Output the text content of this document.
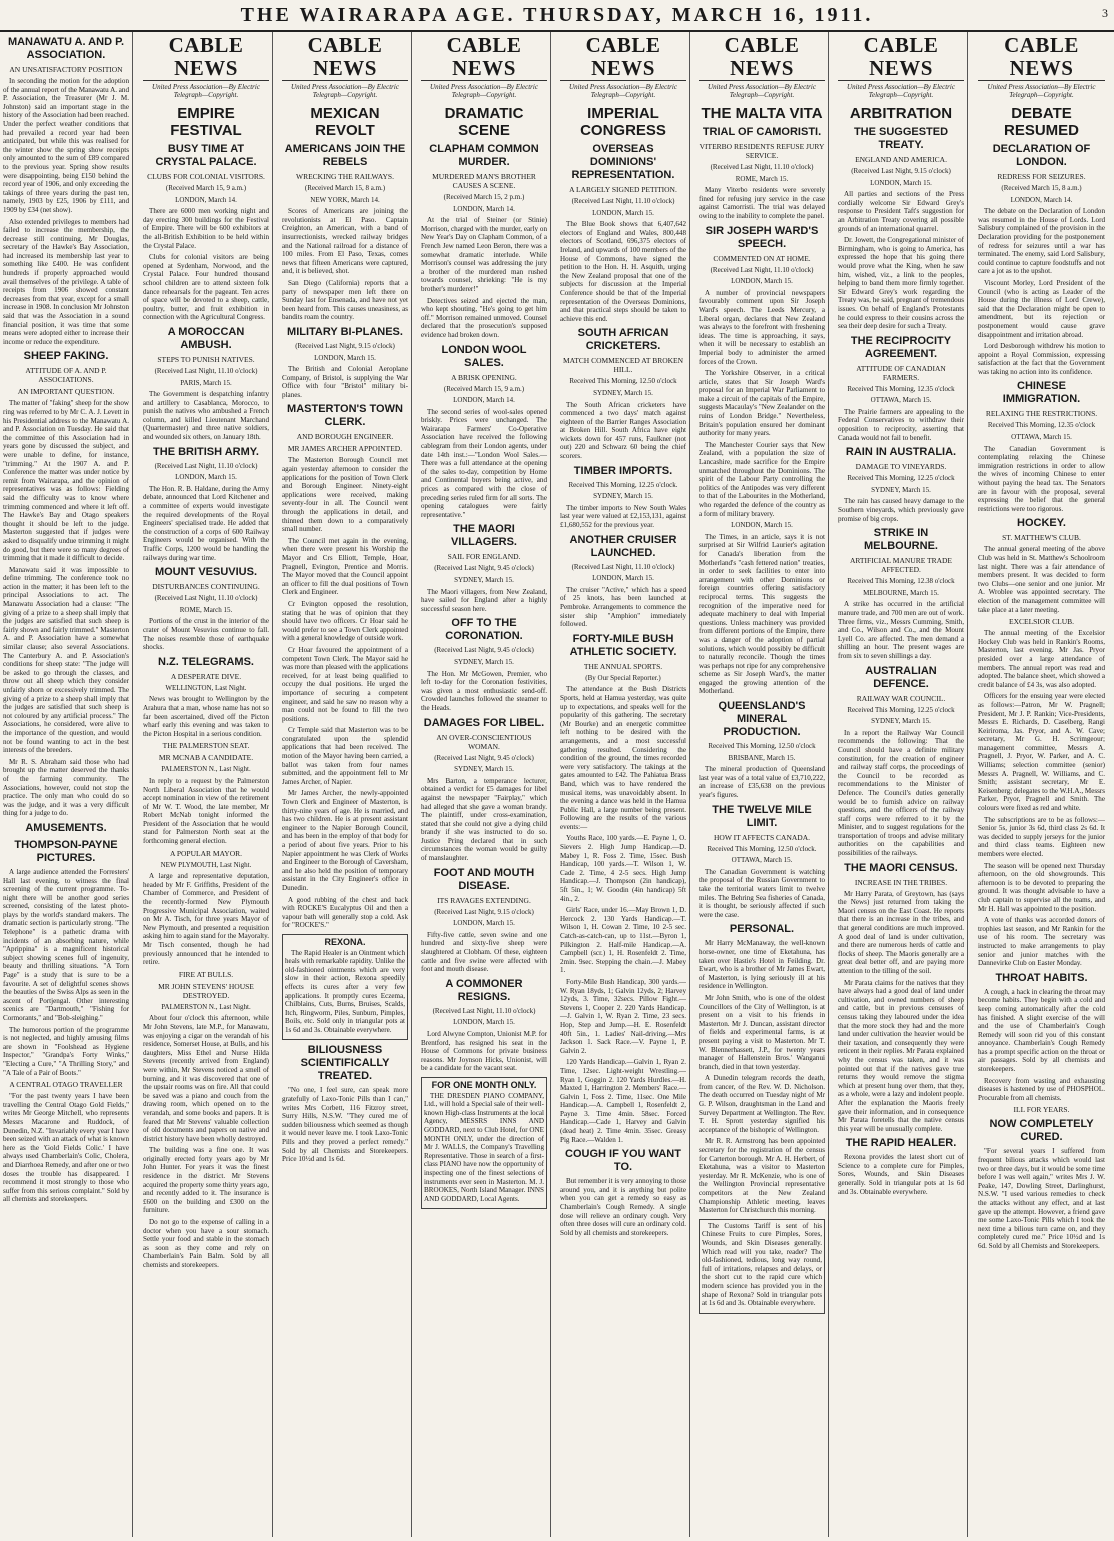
THE WAIRARAPA AGE. THURSDAY, MARCH 16, 1911.	3
MANAWATU A. AND P. ASSOCIATION.
AN UNSATISFACTORY POSITION

In seconding the motion for the adoption of the annual report of the Manawatu A. and P. Association, the Treasurer (Mr J. M. Johnston) said an important stage in the history of the Association had been reached. Under the perfect weather conditions that had prevailed a record year had been anticipated, but while this was realised for the winter show the spring show receipts only amounted to the sum of £89 compared to the previous year. Spring show results were disappointing, being £150 behind the record year of 1906, and only exceeding the takings of three years during the past ten, namely, 1903 by £25, 1906 by £111, and 1909 by £34 (net show).

Also extended privileges to members had failed to increase the membership, the decrease still continuing. Mr Douglas, secretary of the Hawke's Bay Association, had increased its membership last year to something like £400. He was confident hundreds if properly approached would avail themselves of the privilege. A table of receipts from 1906 showed constant decreases from that year, except for a small increase in 1908. In conclusion Mr Johnston said that was the Association in a sound financial position, it was time that some means were adopted either to increase their income or reduce the expenditure.

SHEEP FAKING.
ATTITUDE OF A. AND P. ASSOCIATIONS.
AN IMPORTANT QUESTION.

The matter of "faking" sheep for the show ring was referred to by Mr C. A. J. Levett in his Presidential address to the Manawatu A. and P. Association on Tuesday. He said that the committee of this Association had in years gone by discussed the subject, and were unable to define, for instance, "trimming." At the 1907 A. and P. Conference the matter was under notice by remit from Wairarapa, and the opinion of representatives was as follows: Fielding said the difficulty was to know where trimming commenced and where it left off. The Hawke's Bay and Otago speakers thought it should be left to the judge. Masterton suggested that if judges were asked to disqualify undue trimming it might do good, but there were so many degrees of trimming that it made it difficult to decide.

Manawatu said it was impossible to define trimming. The conference took no action in the matter; it has been left to the principal Associations to act. The Manawatu Association had a clause: "The giving of a prize to a sheep shall imply that the judges are satisfied that such sheep is fairly shown and fairly trimmed." Masterton A. and P. Association have a somewhat similar clause; also several Associations. The Canterbury A. and P. Association's conditions for sheep state: "The judge will be asked to go through the classes, and throw out all sheep which they consider unfairly shorn or excessively trimmed. The giving of a prize to a sheep shall imply that the judges are satisfied that such sheep is not coloured by any artificial process." The Associations, he considered, were alive to the importance of the question, and would not be found wanting to act in the best interests of the breeders.

Mr R. S. Abraham said those who had brought up the matter deserved the thanks of the farming community. The Associations, however, could not stop the practice. The only man who could do so was the judge, and it was a very difficult thing for a judge to do.

AMUSEMENTS.
THOMPSON-PAYNE PICTURES.

A large audience attended the Forresters' Hall last evening, to witness the final screening of the current programme. To-night there will be another good series screened, consisting of the latest photo-plays by the world's standard makers. The dramatic section is particularly strong. "The Telephone" is a pathetic drama with incidents of an absorbing nature, while "Aprippina" is a magnificent historical subject showing scenes full of ingenuity, beauty and thrilling situations. "A Torn Page" is a study that is sure to be a favourite. A set of delightful scenes shows the beauties of the Swiss Alps as seen in the ascent of Portjengal. Other interesting scenics are "Dartmouth," "Fishing for Cormorants," and "Bob-sleighing."

The humorous portion of the programme is not neglected, and highly amusing films are shown in "Foolshead as Hygiene Inspector," "Grandpa's Forty Winks," "Electing a Cure," "A Thrilling Story," and "A Tale of a Pair of Boots."

A CENTRAL OTAGO TRAVELLER

"For the past twenty years I have been travelling the Central Otago Gold Fields," writes Mr George Mitchell, who represents Messrs Macarone and Ruddock, of Dunedin, N.Z. "Invariably every year I have been seized with an attack of what is known here as the 'Gold Fields Colic.' I have always used Chamberlain's Colic, Cholera, and Diarrhoea Remedy, and after one or two doses the trouble has disappeared. I recommend it most strongly to those who suffer from this serious complaint." Sold by all chemists and storekeepers.

CABLE NEWS
United Press Association—By Electric Telegraph—Copyright.
EMPIRE FESTIVAL
BUSY TIME AT CRYSTAL PALACE.
CLUBS FOR COLONIAL VISITORS.
(Received March 15, 9 a.m.)
LONDON, March 14.

There are 6000 men working night and day erecting 300 buildings for the Festival of Empire. There will be 600 exhibitors at the all-British Exhibition to be held within the Crystal Palace.

Clubs for colonial visitors are being opened at Sydenham, Norwood, and the Crystal Palace. Four hundred thousand school children are to attend sixteen folk dance rehearsals for the pageant. Ten acres of space will be devoted to a sheep, cattle, poultry, butter, and fruit exhibition in connection with the Agricultural Congress.

A MOROCCAN AMBUSH.
STEPS TO PUNISH NATIVES.
(Received Last Night, 11.10 o'clock)
PARIS, March 15.

The Government is despatching infantry and artillery to Casablanca, Morocco, to punish the natives who ambushed a French column, and killed Lieutenant Marchand (Quartermaster) and three native soldiers, and wounded six others, on January 18th.

THE BRITISH ARMY.
(Received Last Night, 11.10 o'clock)
LONDON, March 15.

The Hon. R. B. Haldane, during the Army debate, announced that Lord Kitchener and a committee of experts would investigate the required developments of the Royal Engineers' specialised trade. He added that the construction of a corps of 600 Railway Engineers would be organised. With the Traffic Corps, 1200 would be handling the railways during war time.

MOUNT VESUVIUS.
DISTURBANCES CONTINUING.
(Received Last Night, 11.10 o'clock)
ROME, March 15.

Portions of the crust in the interior of the crater of Mount Vesuvius continue to fall. The noises resemble those of earthquake shocks.

N.Z. TELEGRAMS.
A DESPERATE DIVE.
WELLINGTON, Last Night.

News was brought to Wellington by the Arahura that a man, whose name has not so far been ascertained, dived off the Picton wharf early this evening and was taken to the Picton Hospital in a serious condition.

THE PALMERSTON SEAT.
MR MCNAB A CANDIDATE.
PALMERSTON N., Last Night.

In reply to a request by the Palmerston North Liberal Association that he would accept nomination in view of the retirement of Mr W. T. Wood, the late member, Mr Robert McNab tonight informed the President of the Association that he would stand for Palmerston North seat at the forthcoming general election.

A POPULAR MAYOR.
NEW PLYMOUTH, Last Night.

A large and representative deputation, headed by Mr F. Griffiths, President of the Chamber of Commerce, and President of the recently-formed New Plymouth Progressive Municipal Association, waited on Mr A. Tisch, for three years Mayor of New Plymouth, and presented a requisition asking him to again stand for the Mayoralty. Mr Tisch consented, though he had previously announced that he intended to retire.

FIRE AT BULLS.
MR JOHN STEVENS' HOUSE DESTROYED.
PALMERSTON N., Last Night.

About four o'clock this afternoon, while Mr John Stevens, late M.P., for Manawatu, was enjoying a cigar on the verandah of his residence, Somerset House, at Bulls, and his daughters, Miss Ethel and Nurse Hilda Stevens (recently arrived from England) were within, Mr Stevens noticed a smell of burning, and it was discovered that one of the upstair rooms was on fire. All that could be saved was a piano and couch from the drawing room, which opened on to the verandah, and some books and papers. It is feared that Mr Stevens' valuable collection of old documents and papers on native and district history have been wholly destroyed.

The building was a fine one. It was originally erected forty years ago by Mr John Hunter. For years it was the finest residence in the district. Mr Stevens acquired the property some thirty years ago, and recently added to it. The insurance is £600 on the building and £300 on the furniture.

Do not go to the expense of calling in a doctor when you have a sour stomach. Settle your food and stable in the stomach as soon as they come and rely on Chamberlain's Pain Balm. Sold by all chemists and storekeepers.

CABLE NEWS
United Press Association—By Electric Telegraph—Copyright.
MEXICAN REVOLT
AMERICANS JOIN THE REBELS
WRECKING THE RAILWAYS.
(Received March 15, 8 a.m.)
NEW YORK, March 14.

Scores of Americans are joining the revolutionists at El Paso. Captain Creighton, an American, with a band of insurrectionists, wrecked railway bridges and the National railroad for a distance of 100 miles. From El Paso, Texas, comes news that fifteen Americans were captured, and, it is believed, shot.

San Diego (California) reports that a party of newspaper men left there on Sunday last for Ensenada, and have not yet been heard from. This causes uneasiness, as bandits roam the country.

MILITARY BI-PLANES.
(Received Last Night, 9.15 o'clock)
LONDON, March 15.

The British and Colonial Aeroplane Company, of Bristol, is supplying the War Office with four "Bristol" military bi-planes.

MASTERTON'S TOWN CLERK.
AND BOROUGH ENGINEER.
MR JAMES ARCHER APPOINTED.

The Masterton Borough Council met again yesterday afternoon to consider the applications for the position of Town Clerk and Borough Engineer. Ninety-eight applications were received, making seventy-four in all. The Council went through the applications in detail, and thinned them down to a comparatively small number.

The Council met again in the evening, when there were present his Worship the Mayor and Crs Elliott, Temple, Hoar, Pragnell, Evington, Prentice and Morris. The Mayor moved that the Council appoint an officer to fill the dual positions of Town Clerk and Engineer.

Cr Evington opposed the resolution, stating that he was of opinion that they should have two officers. Cr Hoar said he would prefer to see a Town Clerk appointed with a general knowledge of outside work.

Cr Hoar favoured the appointment of a competent Town Clerk. The Mayor said he was more than pleased with the applications received, for at least being qualified to occupy the dual positions. He urged the importance of securing a competent engineer, and said he saw no reason why a man could not be found to fill the two positions.

Cr Temple said that Masterton was to be congratulated upon the splendid applications that had been received. The motion of the Mayor having been carried, a ballot was taken from four names submitted, and the appointment fell to Mr James Archer, of Napier.

Mr James Archer, the newly-appointed Town Clerk and Engineer of Masterton, is thirty-nine years of age. He is married, and has two children. He is at present assistant engineer to the Napier Borough Council, and has been in the employ of that body for a period of about five years. Prior to his Napier appointment he was Clerk of Works and Engineer to the Borough of Caversham, and he also held the position of temporary assistant in the City Engineer's office in Dunedin.

A good rubbing of the chest and back with ROCKE'S Eucalyptus Oil and then a vapour bath will generally stop a cold. Ask for "ROCKE'S."

REXONA.

The Rapid Healer is an Ointment which heals with remarkable rapidity. Unlike the old-fashioned ointments which are very slow in their action, Rexona speedily effects its cures after a very few applications. It promptly cures Eczema, Chilblains, Cuts, Burns, Bruises, Scalds, Itch, Ringworm, Piles, Sunburn, Pimples, Boils, etc. Sold only in triangular pots at 1s 6d and 3s. Obtainable everywhere.

BILIOUSNESS SCIENTIFICALLY TREATED.

"No one, I feel sure, can speak more gratefully of Laxo-Tonic Pills than I can," writes Mrs Corbett, 116 Fitzroy street, Surry Hills, N.S.W. "They cured me of sudden biliousness which seemed as though it would never leave me. I took Laxo-Tonic Pills and they proved a perfect remedy." Sold by all Chemists and Storekeepers. Price 10½d and 1s 6d.

CABLE NEWS
United Press Association—By Electric Telegraph—Copyright.
DRAMATIC SCENE
CLAPHAM COMMON MURDER.
MURDERED MAN'S BROTHER CAUSES A SCENE.
(Received March 15, 2 p.m.)
LONDON, March 14.

At the trial of Steiner (or Stinie) Morrison, charged with the murder, early on New Year's Day on Clapham Common, of a French Jew named Leon Beron, there was a somewhat dramatic interlude. While Morrison's counsel was addressing the jury a brother of the murdered man rushed towards counsel, shrieking: "He is my brother's murderer!"

Detectives seized and ejected the man, who kept shouting, "He's going to get him off." Morrison remained unmoved. Counsel declared that the prosecution's supposed evidence had broken down.

LONDON WOOL SALES.
A BRISK OPENING.
(Received March 15, 9 a.m.)
LONDON, March 14.

The second series of wool-sales opened briskly. Prices were unchanged. The Wairarapa Farmers' Co-Operative Association have received the following cablegram from their London agents, under date 14th inst.:—"London Wool Sales.—There was a full attendance at the opening of the sales to-day, competition by Home and Continental buyers being active, and prices as compared with the close of preceding series ruled firm for all sorts. The opening catalogues were fairly representative."

THE MAORI VILLAGERS.
SAIL FOR ENGLAND.
(Received Last Night, 9.45 o'clock)
SYDNEY, March 15.

The Maori villagers, from New Zealand, have sailed for England after a highly successful season here.

OFF TO THE CORONATION.
(Received Last Night, 9.45 o'clock)
SYDNEY, March 15.

The Hon. Mr McGowen, Premier, who left to-day for the Coronation festivities, was given a most enthusiastic send-off. Crowded launches followed the steamer to the Heads.

DAMAGES FOR LIBEL.
AN OVER-CONSCIENTIOUS WOMAN.
(Received Last Night, 9.45 o'clock)
SYDNEY, March 15.

Mrs Barton, a temperance lecturer, obtained a verdict for £5 damages for libel against the newspaper "Fairplay," which had alleged that she gave a woman brandy. The plaintiff, under cross-examination, stated that she could not give a dying child brandy if she was instructed to do so. Justice Pring declared that in such circumstances the woman would be guilty of manslaughter.

FOOT AND MOUTH DISEASE.
ITS RAVAGES EXTENDING.
(Received Last Night, 9.15 o'clock)
LONDON, March 15.

Fifty-five cattle, seven swine and one hundred and sixty-five sheep were slaughtered at Clobham. Of these, eighteen cattle and five swine were affected with foot and mouth disease.

A COMMONER RESIGNS.
(Received Last Night, 11.10 o'clock)
LONDON, March 15.

Lord Alwyne Compton, Unionist M.P. for Brentford, has resigned his seat in the House of Commons for private business reasons. Mr Joynson Hicks, Unionist, will be a candidate for the vacant seat.

FOR ONE MONTH ONLY.

THE DRESDEN PIANO COMPANY, Ltd., will hold a Special sale of their well-known High-class Instruments at the local Agency, MESSRS INNS AND GODDARD, next to Club Hotel, for ONE MONTH ONLY, under the direction of Mr J. WALLS, the Company's Travelling Representative. Those in search of a first-class PIANO have now the opportunity of inspecting one of the finest selections of instruments ever seen in Masterton. M. J. BROOKES, North Island Manager. INNS AND GODDARD, Local Agents.

CABLE NEWS
United Press Association—By Electric Telegraph—Copyright.
IMPERIAL CONGRESS
OVERSEAS DOMINIONS' REPRESENTATION.
A LARGELY SIGNED PETITION.
(Received Last Night, 11.10 o'clock)
LONDON, March 15.

The Blue Book shows that 6,407,642 electors of England and Wales, 800,448 electors of Scotland, 696,375 electors of Ireland, and upwards of 100 members of the House of Commons, have signed the petition to the Hon. H. H. Asquith, urging the New Zealand proposal that one of the subjects for discussion at the Imperial Conference should be that of the Imperial representation of the Overseas Dominions, and that practical steps should be taken to achieve this end.

SOUTH AFRICAN CRICKETERS.
MATCH COMMENCED AT BROKEN HILL.
Received This Morning, 12.50 o'clock
SYDNEY, March 15.

The South African cricketers have commenced a two days' match against eighteen of the Barrier Ranges Association at Broken Hill. South Africa have eight wickets down for 457 runs, Faulkner (not out) 220 and Schwarz 60 being the chief scorers.

TIMBER IMPORTS.
Received This Morning, 12.25 o'clock.
SYDNEY, March 15.

The timber imports to New South Wales last year were valued at £2,153,131, against £1,680,552 for the previous year.

ANOTHER CRUISER LAUNCHED.
(Received Last Night, 11.10 o'clock)
LONDON, March 15.

The cruiser "Active," which has a speed of 25 knots, has been launched at Pembroke. Arrangements to commence the sister ship "Amphion" immediately followed.

FORTY-MILE BUSH ATHLETIC SOCIETY.
THE ANNUAL SPORTS.
(By Our Special Reporter.)

The attendance at the Bush Districts Sports, held at Hamua yesterday, was quite up to expectations, and speaks well for the popularity of this gathering. The secretary (Mr Bourke) and an energetic committee left nothing to be desired with the arrangements, and a most successful gathering resulted. Considering the condition of the ground, the times recorded were very satisfactory. The takings at the gates amounted to £42. The Pahiatua Brass Band, which was to have rendered the musical items, was unavoidably absent. In the evening a dance was held in the Hamua Public Hall, a large number being present. Following are the results of the various events:—

Youths Race, 100 yards.—E. Payne 1, O. Sievers 2. High Jump Handicap.—D. Mabey 1, R. Foss 2. Time, 15sec. Bush Handicap, 100 yards.—T. Wilson 1, W. Cade 2. Time, 4 2-5 secs. High Jump Handicap.—J. Thompson (2in handicap), 5ft 5in., 1; W. Goodin (4in handicap) 5ft 4in., 2.

Girls' Race, under 16.—May Brown 1, D. Hercock 2. 130 Yards Handicap.—T. Wilson 1, H. Cowan 2. Time, 10 2-5 sec. Catch-as-catch-can, up to 11st.—Byron 1, Pilkington 2. Half-mile Handicap.—A. Campbell (scr.) 1, H. Rosenfeldt 2. Time, 2min. 9sec. Stepping the chain.—J. Mabey 1.

Forty-Mile Bush Handicap, 300 yards.—W. Ryan 18yds, 1; Galvin 12yds, 2; Harvey 12yds, 3. Time, 32secs. Pillow Fight.—Stevens 1, Cooper 2. 220 Yards Handicap.—J. Galvin 1, W. Ryan 2. Time, 23 secs. Hop, Step and Jump.—H. E. Rosenfeldt 40ft 5in., 1. Ladies' Nail-driving.—Mrs Jackson 1. Sack Race.—V. Payne 1, P. Galvin 2.

120 Yards Handicap.—Galvin 1, Ryan 2. Time, 12sec. Light-weight Wrestling.—Ryan 1, Goggin 2. 120 Yards Hurdles.—H. Maxted 1, Harrington 2. Members' Race.—Galvin 1, Foss 2. Time, 11sec. One Mile Handicap.—A. Campbell 1, Rosenfeldt 2, Payne 3. Time 4min. 58sec. Forced Handicap.—Cade 1, Harvey and Galvin (dead heat) 2. Time 4min. 35sec. Greasy Pig Race.—Walden 1.

COUGH IF YOU WANT TO.

But remember it is very annoying to those around you, and it is anything but polite when you can get a remedy so easy as Chamberlain's Cough Remedy. A single dose will relieve an ordinary cough. Very often three doses will cure an ordinary cold. Sold by all chemists and storekeepers.

CABLE NEWS
United Press Association—By Electric Telegraph—Copyright.
THE MALTA VITA
TRIAL OF CAMORISTI.
VITERBO RESIDENTS REFUSE JURY SERVICE.
(Received Last Night, 11.10 o'clock)
ROME, March 15.

Many Viterbo residents were severely fined for refusing jury service in the case against Camorristi. The trial was delayed owing to the inability to complete the panel.

SIR JOSEPH WARD'S SPEECH.
COMMENTED ON AT HOME.
(Received Last Night, 11.10 o'clock)
LONDON, March 15.

A number of provincial newspapers favourably comment upon Sir Joseph Ward's speech. The Leeds Mercury, a Liberal organ, declares that New Zealand was always to the forefront with freshening ideas. The time is approaching, it says, when it will be necessary to establish an Imperial body to administer the armed forces of the Crown.

The Yorkshire Observer, in a critical article, states that Sir Joseph Ward's proposal for an Imperial War Parliament to make a circuit of the capitals of the Empire, suggests Macaulay's "New Zealander on the ruins of London Bridge." Nevertheless, Britain's population ensured her dominant authority for many years.

The Manchester Courier says that New Zealand, with a population the size of Lancashire, made sacrifice for the Empire unmatched throughout the Dominions. The spirit of the Labour Party controlling the politics of the Antipodes was very different to that of the Labourites in the Motherland, who regarded the defence of the country as a form of military bravery.

LONDON, March 15.

The Times, in an article, says it is not surprised at Sir Wilfrid Laurier's agitation for Canada's liberation from the Motherland's "cash fettered nation" treaties, in order to seek facilities to enter into arrangement with other Dominions or foreign countries offering satisfactory reciprocal terms. This suggests the recognition of the imperative need for adequate machinery to deal with Imperial questions. Unless machinery was provided from different portions of the Empire, there was a danger of the adoption of partial solutions, which would possibly be difficult to naturally reconcile. Though the times was perhaps not ripe for any comprehensive scheme as Sir Joseph Ward's, the matter engaged the growing attention of the Motherland.

QUEENSLAND'S MINERAL PRODUCTION.
Received This Morning, 12.50 o'clock
BRISBANE, March 15.

The mineral production of Queensland last year was of a total value of £3,710,222, an increase of £35,638 on the previous year's figures.

THE TWELVE MILE LIMIT.
HOW IT AFFECTS CANADA.
Received This Morning, 12.50 o'clock.
OTTAWA, March 15.

The Canadian Government is watching the proposal of the Russian Government to take the territorial waters limit to twelve miles. The Behring Sea fisheries of Canada, it is thought, be seriously affected if such were the case.

PERSONAL.

Mr Harry McManaway, the well-known horse-owner, one time of Eketahuna, has taken over Hastie's Hotel in Feilding. Dr. Ewart, who is a brother of Mr James Ewart, of Masterton, is lying seriously ill at his residence in Wellington.

Mr John Smith, who is one of the oldest Councillors of the City of Wellington, is at present on a visit to his friends in Masterton. Mr J. Duncan, assistant director of fields and experimental farms, is at present paying a visit to Masterton. Mr T. W. Blennerhassett, J.P., for twenty years manager of Hallenstein Bros.' Wanganui branch, died in that town yesterday.

A Dunedin telegram records the death, from cancer, of the Rev. W. D. Nicholson. The death occurred on Tuesday night of Mr G. P. Wilson, draughtsman in the Land and Survey Department at Wellington. The Rev. T. H. Sprott yesterday signified his acceptance of the bishopric of Wellington.

Mr R. R. Armstrong has been appointed secretary for the registration of the census for Carterton borough. Mr A. H. Herbert, of Eketahuna, was a visitor to Masterton yesterday. Mr R. McKenzie, who is one of the Wellington Provincial representative competitors at the New Zealand Championship Athletic meeting, leaves Masterton for Christchurch this morning.

The Customs Tariff is sent of his Chinese Fruits to cure Pimples, Sores, Wounds, and Skin Diseases generally. Which read will you take, reader? The old-fashioned, tedious, long way round, full of irritations, relapses and delays, or the short cut to the rapid cure which modern science has provided you in the shape of Rexona? Sold in triangular pots at 1s 6d and 3s. Obtainable everywhere.

CABLE NEWS
United Press Association—By Electric Telegraph—Copyright.
ARBITRATION
THE SUGGESTED TREATY.
ENGLAND AND AMERICA.
(Received Last Night, 9.15 o'clock)
LONDON, March 15.

All parties and sections of the Press cordially welcome Sir Edward Grey's response to President Taft's suggestion for an Arbitration Treaty covering all possible grounds of an international quarrel.

Dr. Jowett, the Congregational minister of Birmingham, who is going to America, has expressed the hope that his going there would prove what the King, when he saw him, wished, viz., a link to the peoples, helping to band them more firmly together. Sir Edward Grey's work regarding the Treaty was, he said, pregnant of tremendous issues. On behalf of England's Protestants he could express to their cousins across the sea their deep desire for such a Treaty.

THE RECIPROCITY AGREEMENT.
ATTITUDE OF CANADIAN FARMERS.
Received This Morning, 12.35 o'clock
OTTAWA, March 15.

The Prairie farmers are appealing to the Federal Conservatives to withdraw their opposition to reciprocity, asserting that Canada would not fail to benefit.

RAIN IN AUSTRALIA.
DAMAGE TO VINEYARDS.
Received This Morning, 12.25 o'clock
SYDNEY, March 15.

The rain has caused heavy damage to the Southern vineyards, which previously gave promise of big crops.

STRIKE IN MELBOURNE.
ARTIFICIAL MANURE TRADE AFFECTED.
Received This Morning, 12.38 o'clock
MELBOURNE, March 15.

A strike has occurred in the artificial manure trade, and 700 men are out of work. Three firms, viz., Messrs Cumming, Smith, and Co., Wilson and Co., and the Mount Lyell Co. are affected. The men demand a shilling an hour. The present wages are from six to seven shillings a day.

AUSTRALIAN DEFENCE.
RAILWAY WAR COUNCIL.
Received This Morning, 12.25 o'clock
SYDNEY, March 15.

In a report the Railway War Council recommends the following: That the Council should have a definite military constitution, for the creation of engineer and railway staff corps, the proceedings of the Council to be recorded as recommendations to the Minister of Defence. The Council's duties generally would be to furnish advice on railway questions, and the officers of the railway staff corps were referred to it by the Minister, and to suggest regulations for the transportation of troops and advise military authorities on the capabilities and possibilities of the railways.

THE MAORI CENSUS.
INCREASE IN THE TRIBES.

Mr Harry Parata, of Greytown, has (says the News) just returned from taking the Maori census on the East Coast. He reports that there is an increase in the tribes, and that general conditions are much improved. A good deal of land is under cultivation, and there are numerous herds of cattle and flocks of sheep. The Maoris generally are a great deal better off, and are paying more attention to the tilling of the soil.

Mr Parata claims for the natives that they have always had a good deal of land under cultivation, and owned numbers of sheep and cattle, but in previous censuses of census taking they laboured under the idea that the more stock they had and the more land under cultivation the heavier would be their taxation, and consequently they were reticent in their replies. Mr Parata explained why the census was taken, and it was pointed out that if the natives gave true returns they would remove the stigma which at present hung over them, that they, as a whole, were a lazy and indolent people. After the explanation the Maoris freely gave their information, and in consequence Mr Parata foretells that the native census this year will be unusually complete.

THE RAPID HEALER.

Rexona provides the latest short cut of Science to a complete cure for Pimples, Sores, Wounds, and Skin Diseases generally. Sold in triangular pots at 1s 6d and 3s. Obtainable everywhere.

CABLE NEWS
United Press Association—By Electric Telegraph—Copyright.
DEBATE RESUMED
DECLARATION OF LONDON.
REDRESS FOR SEIZURES.
(Received March 15, 8 a.m.)
LONDON, March 14.

The debate on the Declaration of London was resumed in the House of Lords. Lord Salisbury complained of the provision in the Declaration providing for the postponement of redress for seizures until a war has terminated. The enemy, said Lord Salisbury, could continue to capture foodstuffs and not care a jot as to the upshot.

Viscount Morley, Lord President of the Council (who is acting as Leader of the House during the illness of Lord Crewe), said that the Declaration might be open to amendment, but its rejection or postponement would cause grave disappointment and irritation abroad.

Lord Desborough withdrew his motion to appoint a Royal Commission, expressing satisfaction at the fact that the Government was taking no action into its confidence.

CHINESE IMMIGRATION.
RELAXING THE RESTRICTIONS.
Received This Morning, 12.35 o'clock
OTTAWA, March 15.

The Canadian Government is contemplating relaxing the Chinese immigration restrictions in order to allow the wives of incoming Chinese to enter without paying the head tax. The Senators are in favour with the proposal, several expressing the belief that the general restrictions were too rigorous.

HOCKEY.
ST. MATTHEW'S CLUB.

The annual general meeting of the above Club was held in St. Matthew's Schoolroom last night. There was a fair attendance of members present. It was decided to form two Clubs—one senior and one junior. Mr A. Wroblee was appointed secretary. The election of the management committee will take place at a later meeting.

EXCELSIOR CLUB.

The annual meeting of the Excelsior Hockey Club was held in Rankin's Rooms, Masterton, last evening. Mr Jas. Pryor presided over a large attendance of members. The annual report was read and adopted. The balance sheet, which showed a credit balance of £4 3s, was also adopted.

Officers for the ensuing year were elected as follows:—Patron, Mr W. Pragnell; President, Mr J. P. Rankin; Vice-Presidents, Messrs E. Richards, D. Caselberg, Rangi Keiriroma, Jas. Pryor, and A. W. Cave; secretary, Mr G. H. Scrimgeour; management committee, Messrs A. Pragnell, J. Pryor, W. Parker, and A. C. Williams; selection committee (senior) Messrs A. Pragnell, W. Williams, and C. Smith; assistant secretary, Mr E. Keisenberg; delegates to the W.H.A., Messrs Parker, Pryor, Pragnell and Smith. The colours were fixed as red and white.

The subscriptions are to be as follows:—Senior 5s, junior 3s 6d, third class 2s 6d. It was decided to supply jerseys for the junior and third class teams. Eighteen new members were elected.

The season will be opened next Thursday afternoon, on the old showgrounds. This afternoon is to be devoted to preparing the ground. It was thought advisable to have a club captain to supervise all the teams, and Mr H. Hall was appointed to the position.

A vote of thanks was accorded donors of trophies last season, and Mr Rankin for the use of his room. The secretary was instructed to make arrangements to play senior and junior matches with the Dannevirke Club on Easter Monday.

THROAT HABITS.

A cough, a hack in clearing the throat may become habits. They begin with a cold and keep coming automatically after the cold has finished. A slight exercise of the will and the use of Chamberlain's Cough Remedy will soon rid you of this constant annoyance. Chamberlain's Cough Remedy has a prompt specific action on the throat or air passages. Sold by all chemists and storekeepers.

Recovery from wasting and exhausting diseases is hastened by use of PHOSPHOL. Procurable from all chemists.

ILL FOR YEARS.
NOW COMPLETELY CURED.

"For several years I suffered from frequent bilious attacks which would last two or three days, but it would be some time before I was well again," writes Mrs J. W. Peake, 147, Dowling Street, Darlinghurst, N.S.W. "I used various remedies to check the attacks without any effect, and at last gave up the attempt. However, a friend gave me some Laxo-Tonic Pills which I took the next time a bilious turn came on, and they completely cured me." Price 10½d and 1s 6d. Sold by all Chemists and Storekeepers.
